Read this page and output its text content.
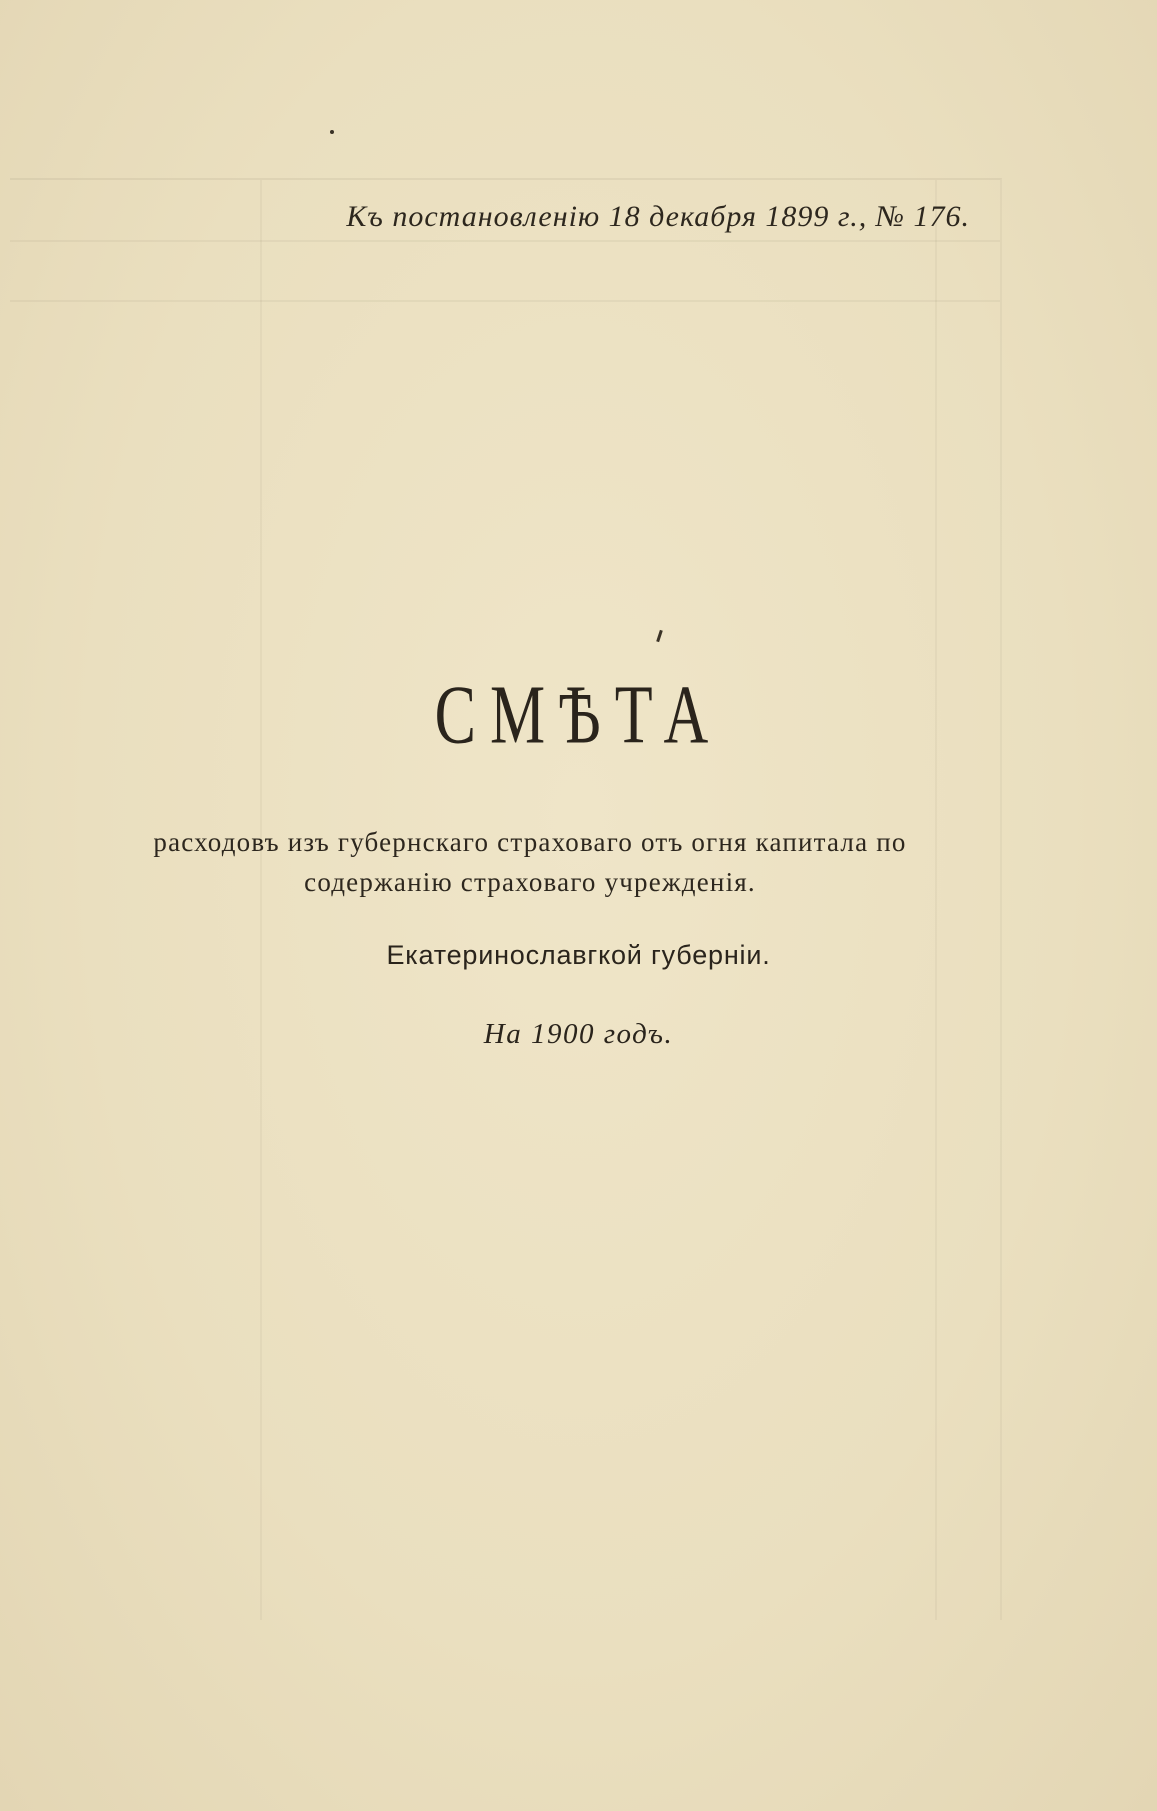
Къ постановленію 18 декабря 1899 г., № 176.
СМѢТА
расходовъ изъ губернскаго страховаго отъ огня капитала по содержанію страховаго учрежденія.
Екатеринославгкой губерніи.
На 1900 годъ.
